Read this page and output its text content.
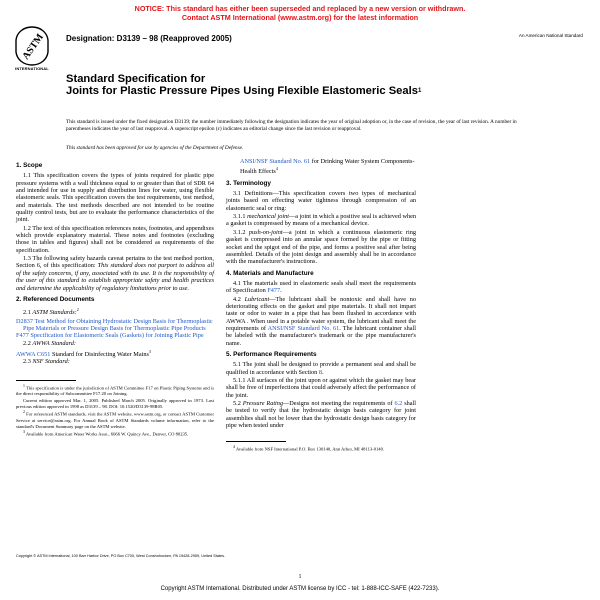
NOTICE: This standard has either been superseded and replaced by a new version or withdrawn.
Contact ASTM International (www.astm.org) for the latest information
ASTM
INTERNATIONAL
Designation: D3139 – 98 (Reapproved 2005)	An American National Standard
Standard Specification for
Joints for Plastic Pressure Pipes Using Flexible Elastomeric Seals$^1$
This standard is issued under the fixed designation D3139; the number immediately following the designation indicates the year of original adoption or, in the case of revision, the year of last revision. A number in parentheses indicates the year of last reapproval. A superscript epsilon (ε) indicates an editorial change since the last revision or reapproval.
This standard has been approved for use by agencies of the Department of Defense.
1. Scope
1.1 This specification covers the types of joints required for plastic pipe pressure systems with a wall thickness equal to or greater than that of SDR 64 and intended for use in supply and distribution lines for water, using flexible elastomeric seals. This specification covers the test requirements, test method, and materials. The test methods described are not intended to be routine quality control tests, but are to evaluate the performance characteristics of the joint.
1.2 The text of this specification references notes, footnotes, and appendixes which provide explanatory material. These notes and footnotes (excluding those in tables and figures) shall not be considered as requirements of the specification.
1.3 The following safety hazards caveat pertains to the test method portion, Section 6, of this specification: This standard does not purport to address all of the safety concerns, if any, associated with its use. It is the responsibility of the user of this standard to establish appropriate safety and health practices and determine the applicability of regulatory limitations prior to use.
2. Referenced Documents
2.1 ASTM Standards:$^2$
D2837 Test Method for Obtaining Hydrostatic Design Basis for Thermoplastic Pipe Materials or Pressure Design Basis for Thermoplastic Pipe Products
F477 Specification for Elastomeric Seals (Gaskets) for Joining Plastic Pipe
2.2 AWWA Standard:
AWWA C651 Standard for Disinfecting Water Mains$^3$
2.3 NSF Standard:
$^1$ This specification is under the jurisdiction of ASTM Committee F17 on Plastic Piping Systems and is the direct responsibility of Subcommittee F17.20 on Joining.
Current edition approved Mar. 1, 2005. Published March 2005. Originally approved in 1973. Last previous edition approved in 1998 as D3139 – 98. DOI: 10.1520/D3139-98R05.
$^2$ For referenced ASTM standards, visit the ASTM website, www.astm.org, or contact ASTM Customer Service at service@astm.org. For Annual Book of ASTM Standards volume information, refer to the standard's Document Summary page on the ASTM website.
$^3$ Available from American Water Works Assn., 6666 W. Quincy Ave., Denver, CO 80235.
ANSI/NSF Standard No. 61 for Drinking Water System Components-Health Effects$^4$
3. Terminology
3.1 Definitions—This specification covers two types of mechanical joints based on effecting water tightness through compression of an elastomeric seal or ring:
3.1.1 mechanical joint—a joint in which a positive seal is achieved when a gasket is compressed by means of a mechanical device.
3.1.2 push-on-joint—a joint in which a continuous elastomeric ring gasket is compressed into an annular space formed by the pipe or fitting socket and the spigot end of the pipe, and forms a positive seal after being assembled. Details of the joint design and assembly shall be in accordance with the manufacturer's instructions.
4. Materials and Manufacture
4.1 The materials used in elastomeric seals shall meet the requirements of Specification F477.
4.2 Lubricant—The lubricant shall be nontoxic and shall have no deteriorating effects on the gasket and pipe materials. It shall not impart taste or odor to water in a pipe that has been flushed in accordance with AWWA . When used in a potable water system, the lubricant shall meet the requirements of ANSI/NSF Standard No. 61. The lubricant container shall be labeled with the manufacturer's trademark or the pipe manufacturer's name.
5. Performance Requirements
5.1 The joint shall be designed to provide a permanent seal and shall be qualified in accordance with Section 8.
5.1.1 All surfaces of the joint upon or against which the gasket may bear shall be free of imperfections that could adversely affect the performance of the joint.
5.2 Pressure Rating—Designs not meeting the requirements of 6.2 shall be tested to verify that the hydrostatic design basis category for joint assemblies shall not be lower than the hydrostatic design basis category for pipe when tested under
$^4$ Available from NSF International P.O. Box 130140, Ann Arbor, MI 48113-0140.
Copyright © ASTM International, 100 Barr Harbor Drive, PO Box C700, West Conshohocken, PA 19428-2959, United States.
1
Copyright ASTM International. Distributed under ASTM license by ICC - tel: 1-888-ICC-SAFE (422-7233).
